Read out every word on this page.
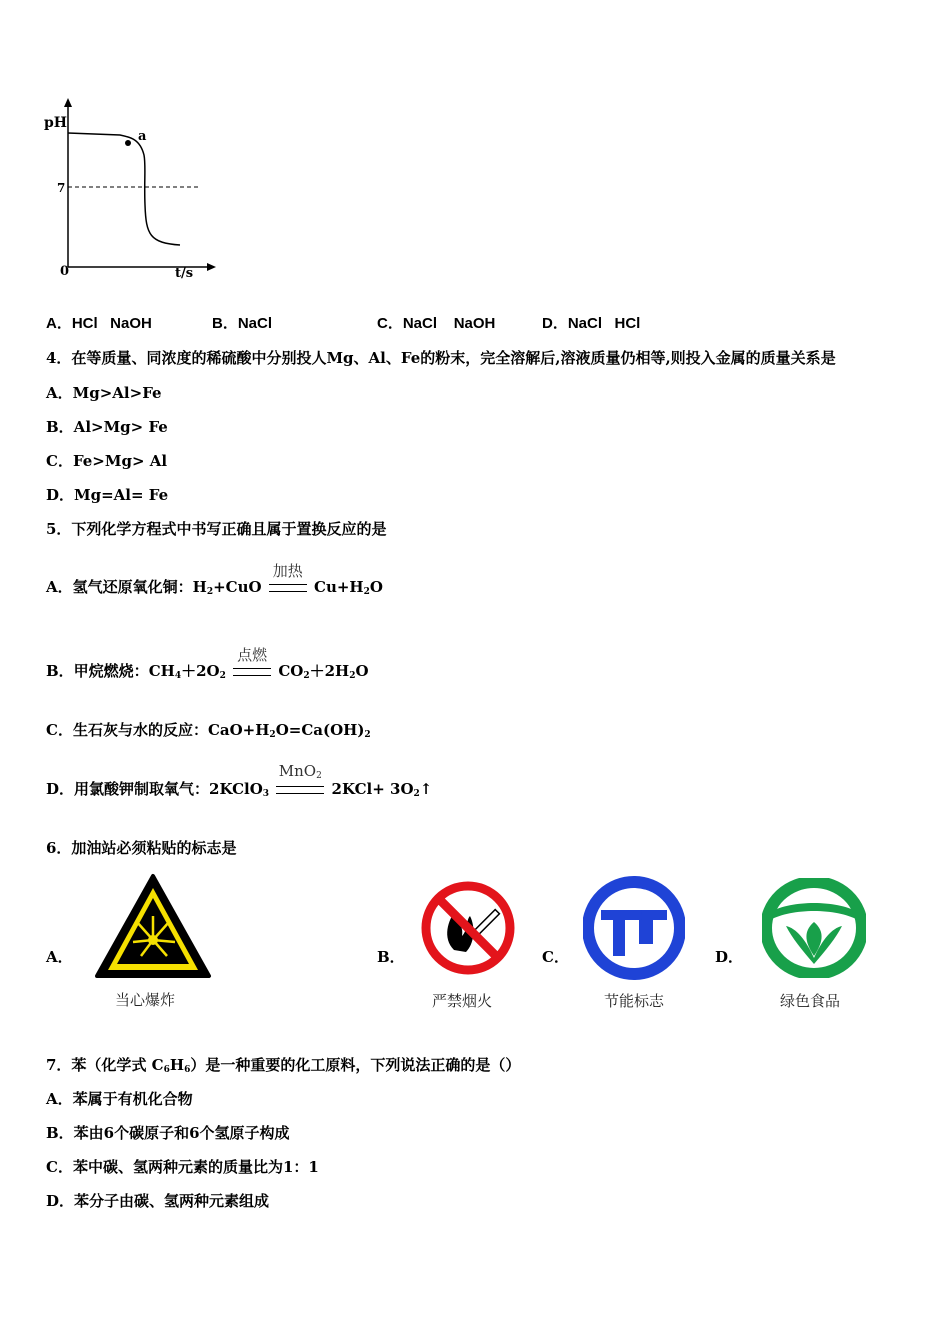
pH
7
0	t/s
a
A．HCl   NaOH	B．NaCl	C．NaCl    NaOH	D．NaCl   HCl
4．在等质量、同浓度的稀硫酸中分别投人Mg、Al、Fe的粉末，完全溶解后,溶液质量仍相等,则投入金属的质量关系是
A．Mg>Al>Fe
B．Al>Mg> Fe
C．Fe>Mg> Al
D．Mg=Al= Fe
5．下列化学方程式中书写正确且属于置换反应的是
A．氢气还原氧化铜：$H_2+CuO$
加热
$Cu+H_2O$
B．甲烷燃烧：$CH_4+2O_2$
点燃
$CO_2+2H_2O$
C．生石灰与水的反应：$CaO+H_2O=Ca(OH)_2$
D．用氯酸钾制取氧气：2KClO$_3$
MnO$_2$
$2KCl+ 3O_2↑$
6．加油站必须粘贴的标志是
A．
当心爆炸
B．
严禁烟火
C．
节能标志
D．
绿色食品
7．苯（化学式 $C_6H_6$）是一种重要的化工原料，下列说法正确的是（）
A．苯属于有机化合物
B．苯由6个碳原子和6个氢原子构成
C．苯中碳、氢两种元素的质量比为1：1
D．苯分子由碳、氢两种元素组成
